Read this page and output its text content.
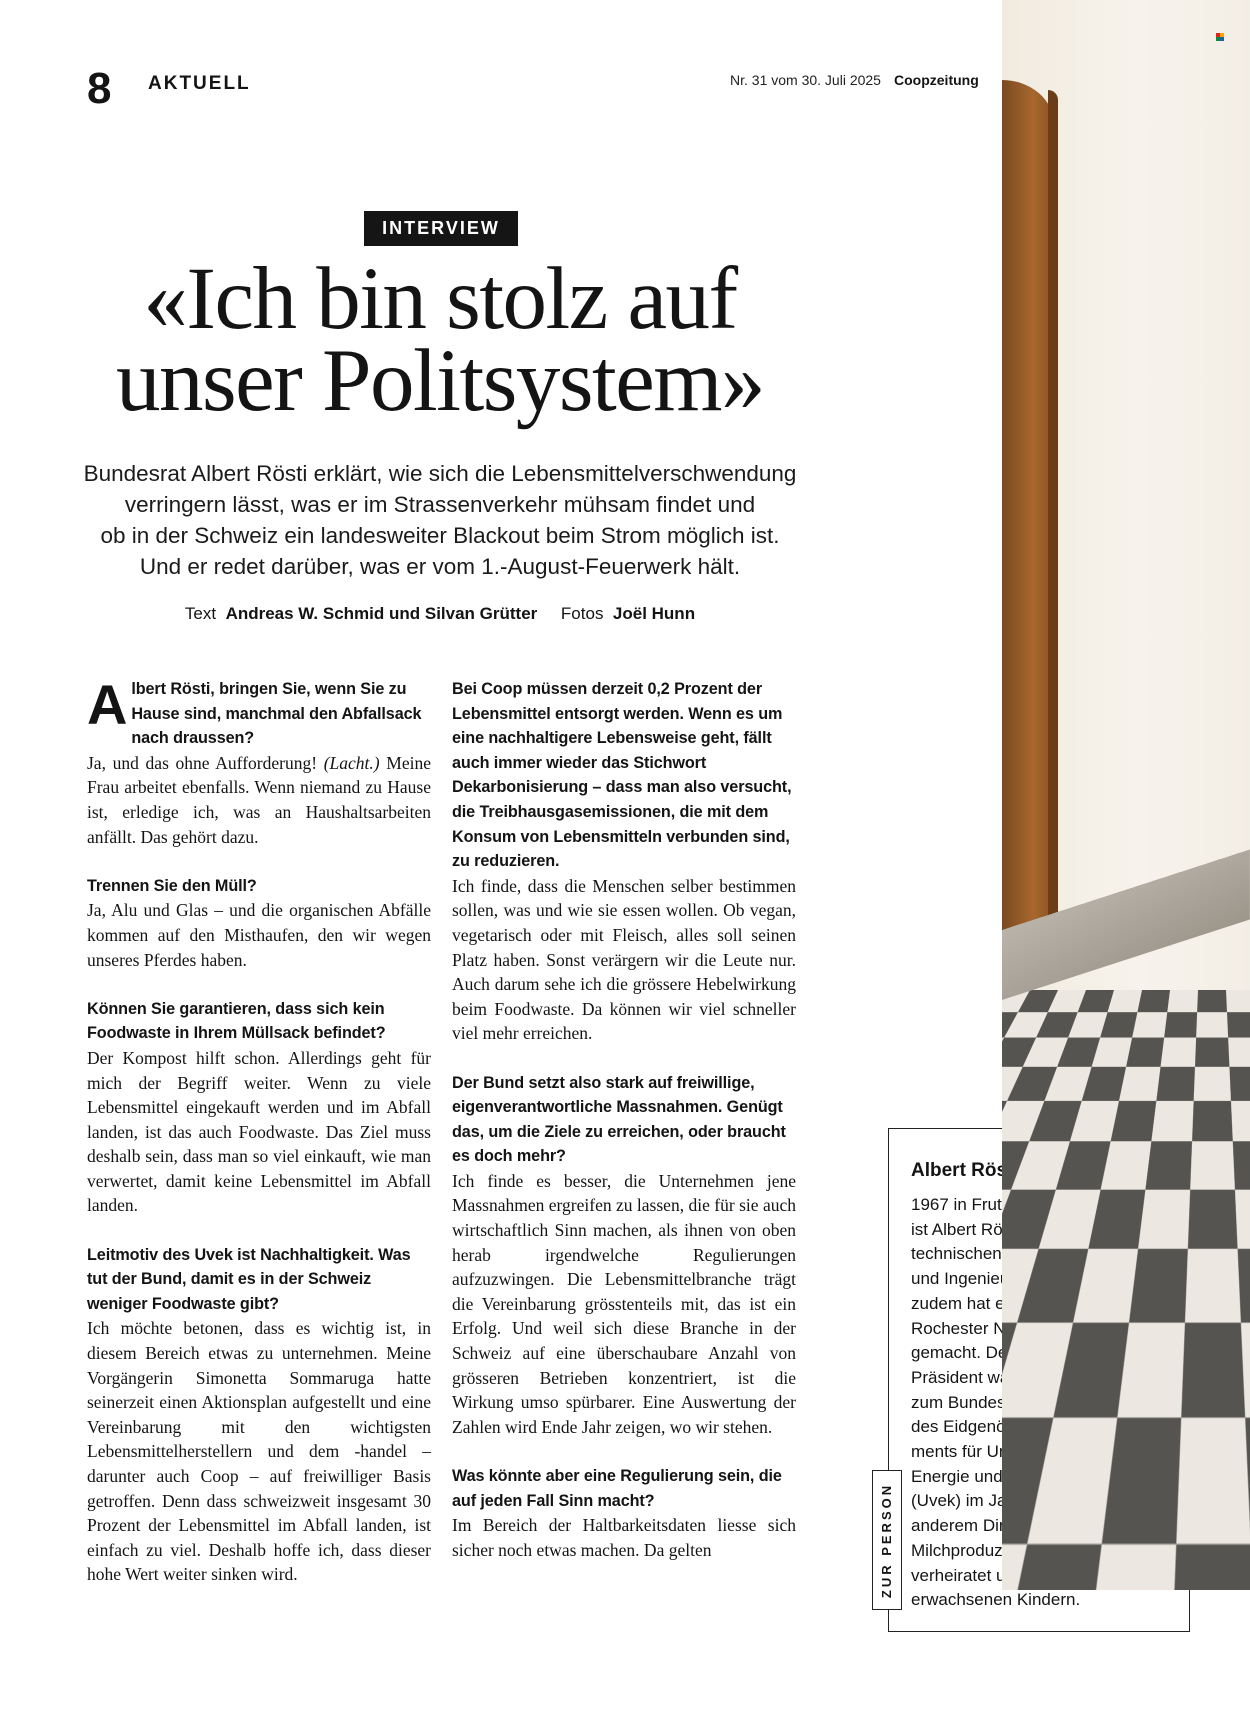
8 AKTUELL	Nr. 31 vom 30. Juli 2025 Coopzeitung
INTERVIEW
«Ich bin stolz auf
unser Politsystem»

Bundesrat Albert Rösti erklärt, wie sich die Lebensmittelverschwendung
verringern lässt, was er im Strassenverkehr mühsam findet und
ob in der Schweiz ein landesweiter Blackout beim Strom möglich ist.
Und er redet darüber, was er vom 1.-August-Feuerwerk hält.

Text Andreas W. Schmid und Silvan Grütter Fotos Joël Hunn

Albert Rösti, bringen Sie, wenn Sie zu Hause sind, manchmal den Abfallsack nach draussen?

Ja, und das ohne Aufforderung! (Lacht.) Meine Frau arbeitet ebenfalls. Wenn niemand zu Hause ist, erledige ich, was an Haushaltsarbeiten anfällt. Das gehört dazu.

Trennen Sie den Müll?

Ja, Alu und Glas – und die organischen Abfälle kommen auf den Misthaufen, den wir wegen unseres Pferdes haben.

Können Sie garantieren, dass sich kein Foodwaste in Ihrem Müllsack befindet?

Der Kompost hilft schon. Allerdings geht für mich der Begriff weiter. Wenn zu viele Lebensmittel eingekauft werden und im Abfall landen, ist das auch Foodwaste. Das Ziel muss deshalb sein, dass man so viel einkauft, wie man verwertet, damit keine Lebensmittel im Abfall landen.

Leitmotiv des Uvek ist Nachhaltigkeit. Was tut der Bund, damit es in der Schweiz weniger Foodwaste gibt?

Ich möchte betonen, dass es wichtig ist, in diesem Bereich etwas zu unternehmen. Meine Vorgängerin Simonetta Sommaruga hatte seinerzeit einen Aktionsplan aufgestellt und eine Vereinbarung mit den wichtigsten Lebensmittelherstellern und dem -handel – darunter auch Coop – auf freiwilliger Basis getroffen. Denn dass schweizweit insgesamt 30 Prozent der Lebensmittel im Abfall landen, ist einfach zu viel. Deshalb hoffe ich, dass dieser hohe Wert weiter sinken wird.

Bei Coop müssen derzeit 0,2 Prozent der Lebensmittel entsorgt werden. Wenn es um eine nachhaltigere Lebensweise geht, fällt auch immer wieder das Stichwort Dekarbonisierung – dass man also versucht, die Treibhausgasemissionen, die mit dem Konsum von Lebensmitteln verbunden sind, zu reduzieren.

Ich finde, dass die Menschen selber bestimmen sollen, was und wie sie essen wollen. Ob vegan, vegetarisch oder mit Fleisch, alles soll seinen Platz haben. Sonst verärgern wir die Leute nur. Auch darum sehe ich die grössere Hebelwirkung beim Foodwaste. Da können wir viel schneller viel mehr erreichen.

Der Bund setzt also stark auf freiwillige, eigenverantwortliche Massnahmen. Genügt das, um die Ziele zu erreichen, oder braucht es doch mehr?

Ich finde es besser, die Unternehmen jene Massnahmen ergreifen zu lassen, die für sie auch wirtschaftlich Sinn machen, als ihnen von oben herab irgendwelche Regulierungen aufzuzwingen. Die Lebensmittelbranche trägt die Vereinbarung grösstenteils mit, das ist ein Erfolg. Und weil sich diese Branche in der Schweiz auf eine überschaubare Anzahl von grösseren Betrieben konzentriert, ist die Wirkung umso spürbarer. Eine Auswertung der Zahlen wird Ende Jahr zeigen, wo wir stehen.

Was könnte aber eine Regulierung sein, die auf jeden Fall Sinn macht?

Im Bereich der Haltbarkeitsdaten liesse sich sicher noch etwas machen. Da gelten	ZUR PERSON
Albert Rösti

1967 in Frutigen BE geboren,
ist Albert Rösti Doktor der
technischen Wissenschaften
und Ingenieur Agronom,
zudem hat er in Bern und
Rochester NY (USA) den MBA
gemacht. Der frühere SVP-
Präsident war vor seiner Wahl
zum Bundesrat und Vorsteher
des Eidgenössischen Departe-
ments für Umwelt, Verkehr,
Energie und Kommunikation
(Uvek) im Jahre 2022 unter
anderem Direktor der Schweizer
Milchproduzenten. Er ist
verheiratet und Vater von zwei
erwachsenen Kindern.
